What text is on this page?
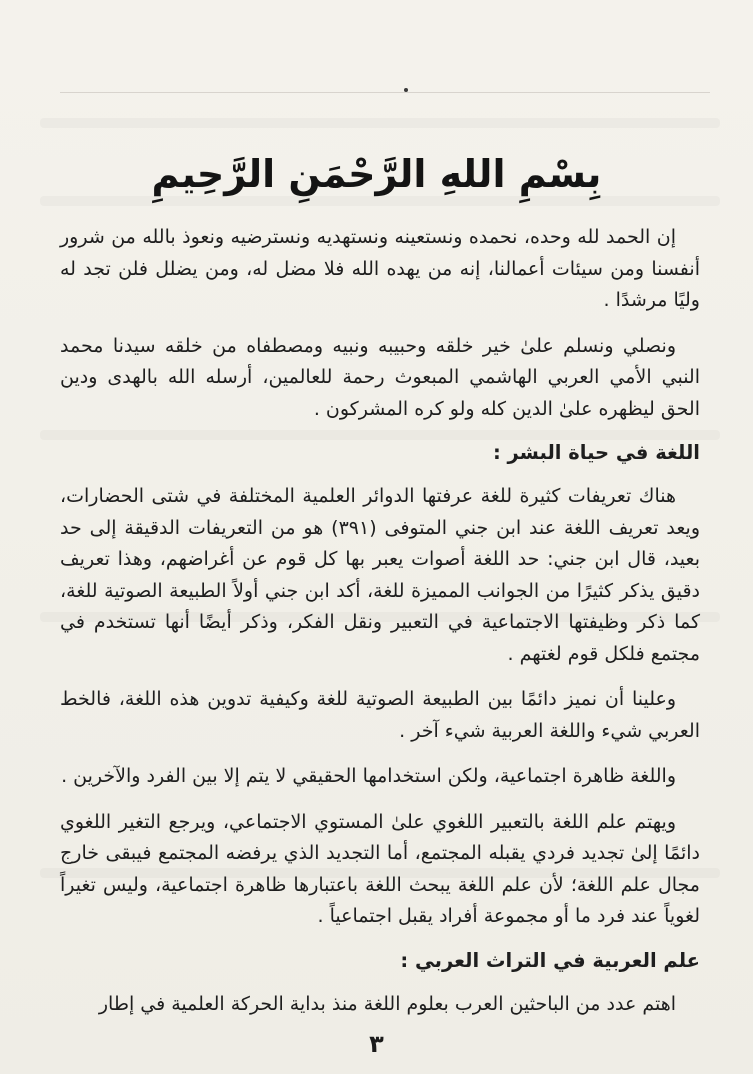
بِسْمِ اللهِ الرَّحْمَنِ الرَّحِيمِ

إن الحمد لله وحده، نحمده ونستعينه ونستهديه ونسترضيه ونعوذ بالله من شرور أنفسنا ومن سيئات أعمالنا، إنه من يهده الله فلا مضل له، ومن يضلل فلن تجد له وليًا مرشدًا .

ونصلي ونسلم علىٰ خير خلقه وحبيبه ونبيه ومصطفاه من خلقه سيدنا محمد النبي الأمي العربي الهاشمي المبعوث رحمة للعالمين، أرسله الله بالهدى ودين الحق ليظهره علىٰ الدين كله ولو كره المشركون .

اللغة في حياة البشر :

هناك تعريفات كثيرة للغة عرفتها الدوائر العلمية المختلفة في شتى الحضارات، ويعد تعريف اللغة عند ابن جني المتوفى (٣٩١) هو من التعريفات الدقيقة إلى حد بعيد، قال ابن جني: حد اللغة أصوات يعبر بها كل قوم عن أغراضهم، وهذا تعريف دقيق يذكر كثيرًا من الجوانب المميزة للغة، أكد ابن جني أولاً الطبيعة الصوتية للغة، كما ذكر وظيفتها الاجتماعية في التعبير ونقل الفكر، وذكر أيضًا أنها تستخدم في مجتمع فلكل قوم لغتهم .

وعلينا أن نميز دائمًا بين الطبيعة الصوتية للغة وكيفية تدوين هذه اللغة، فالخط العربي شيء واللغة العربية شيء آخر .

واللغة ظاهرة اجتماعية، ولكن استخدامها الحقيقي لا يتم إلا بين الفرد والآخرين .

ويهتم علم اللغة بالتعبير اللغوي علىٰ المستوي الاجتماعي، ويرجع التغير اللغوي دائمًا إلىٰ تجديد فردي يقبله المجتمع، أما التجديد الذي يرفضه المجتمع فيبقى خارج مجال علم اللغة؛ لأن علم اللغة يبحث اللغة باعتبارها ظاهرة اجتماعية، وليس تغيراً لغوياً عند فرد ما أو مجموعة أفراد يقبل اجتماعياً .

علم العربية في التراث العربي :

اهتم عدد من الباحثين العرب بعلوم اللغة منذ بداية الحركة العلمية في إطار

٣
